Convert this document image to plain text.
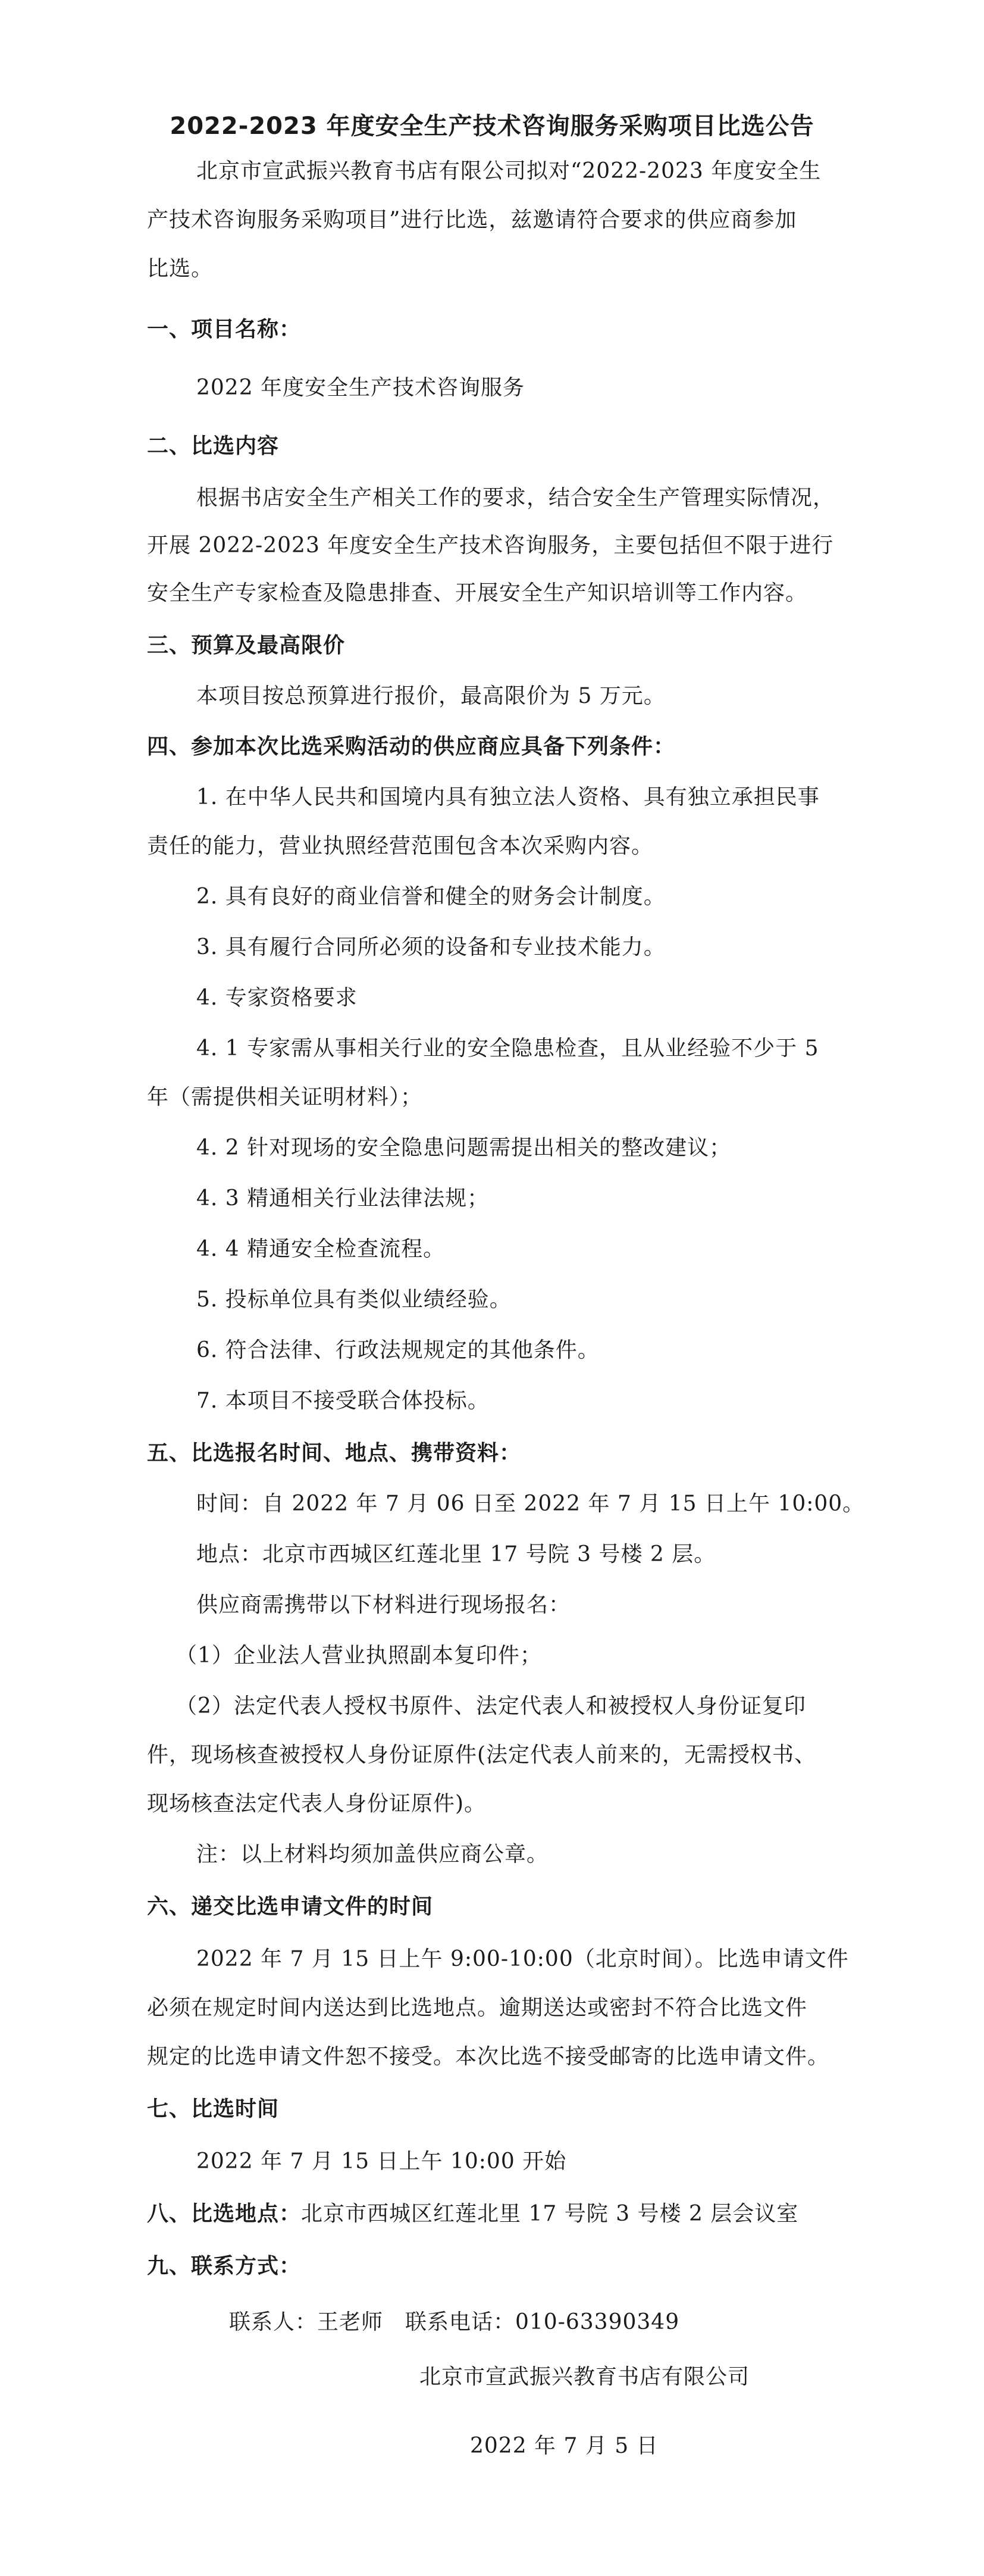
2022-2023 年度安全生产技术咨询服务采购项目比选公告
北京市宣武振兴教育书店有限公司拟对“2022-2023 年度安全生
产技术咨询服务采购项目”进行比选，兹邀请符合要求的供应商参加
比选。
一、项目名称：
2022 年度安全生产技术咨询服务
二、比选内容
根据书店安全生产相关工作的要求，结合安全生产管理实际情况，
开展 2022-2023 年度安全生产技术咨询服务，主要包括但不限于进行
安全生产专家检查及隐患排查、开展安全生产知识培训等工作内容。
三、预算及最高限价
本项目按总预算进行报价，最高限价为 5 万元。
四、参加本次比选采购活动的供应商应具备下列条件：
1. 在中华人民共和国境内具有独立法人资格、具有独立承担民事
责任的能力，营业执照经营范围包含本次采购内容。
2. 具有良好的商业信誉和健全的财务会计制度。
3. 具有履行合同所必须的设备和专业技术能力。
4. 专家资格要求
4. 1 专家需从事相关行业的安全隐患检查，且从业经验不少于 5
年（需提供相关证明材料）；
4. 2 针对现场的安全隐患问题需提出相关的整改建议；
4. 3 精通相关行业法律法规；
4. 4 精通安全检查流程。
5. 投标单位具有类似业绩经验。
6. 符合法律、行政法规规定的其他条件。
7. 本项目不接受联合体投标。
五、比选报名时间、地点、携带资料：
时间：自 2022 年 7 月 06 日至 2022 年 7 月 15 日上午 10:00。
地点：北京市西城区红莲北里 17 号院 3 号楼 2 层。
供应商需携带以下材料进行现场报名：
（1）企业法人营业执照副本复印件；
（2）法定代表人授权书原件、法定代表人和被授权人身份证复印
件，现场核查被授权人身份证原件(法定代表人前来的，无需授权书、
现场核查法定代表人身份证原件)。
注：以上材料均须加盖供应商公章。
六、递交比选申请文件的时间
2022 年 7 月 15 日上午 9:00-10:00（北京时间）。比选申请文件
必须在规定时间内送达到比选地点。逾期送达或密封不符合比选文件
规定的比选申请文件恕不接受。本次比选不接受邮寄的比选申请文件。
七、比选时间
2022 年 7 月 15 日上午 10:00 开始
八、比选地点：北京市西城区红莲北里 17 号院 3 号楼 2 层会议室
九、联系方式：
联系人：王老师　联系电话：010-63390349
北京市宣武振兴教育书店有限公司
2022 年 7 月 5 日
